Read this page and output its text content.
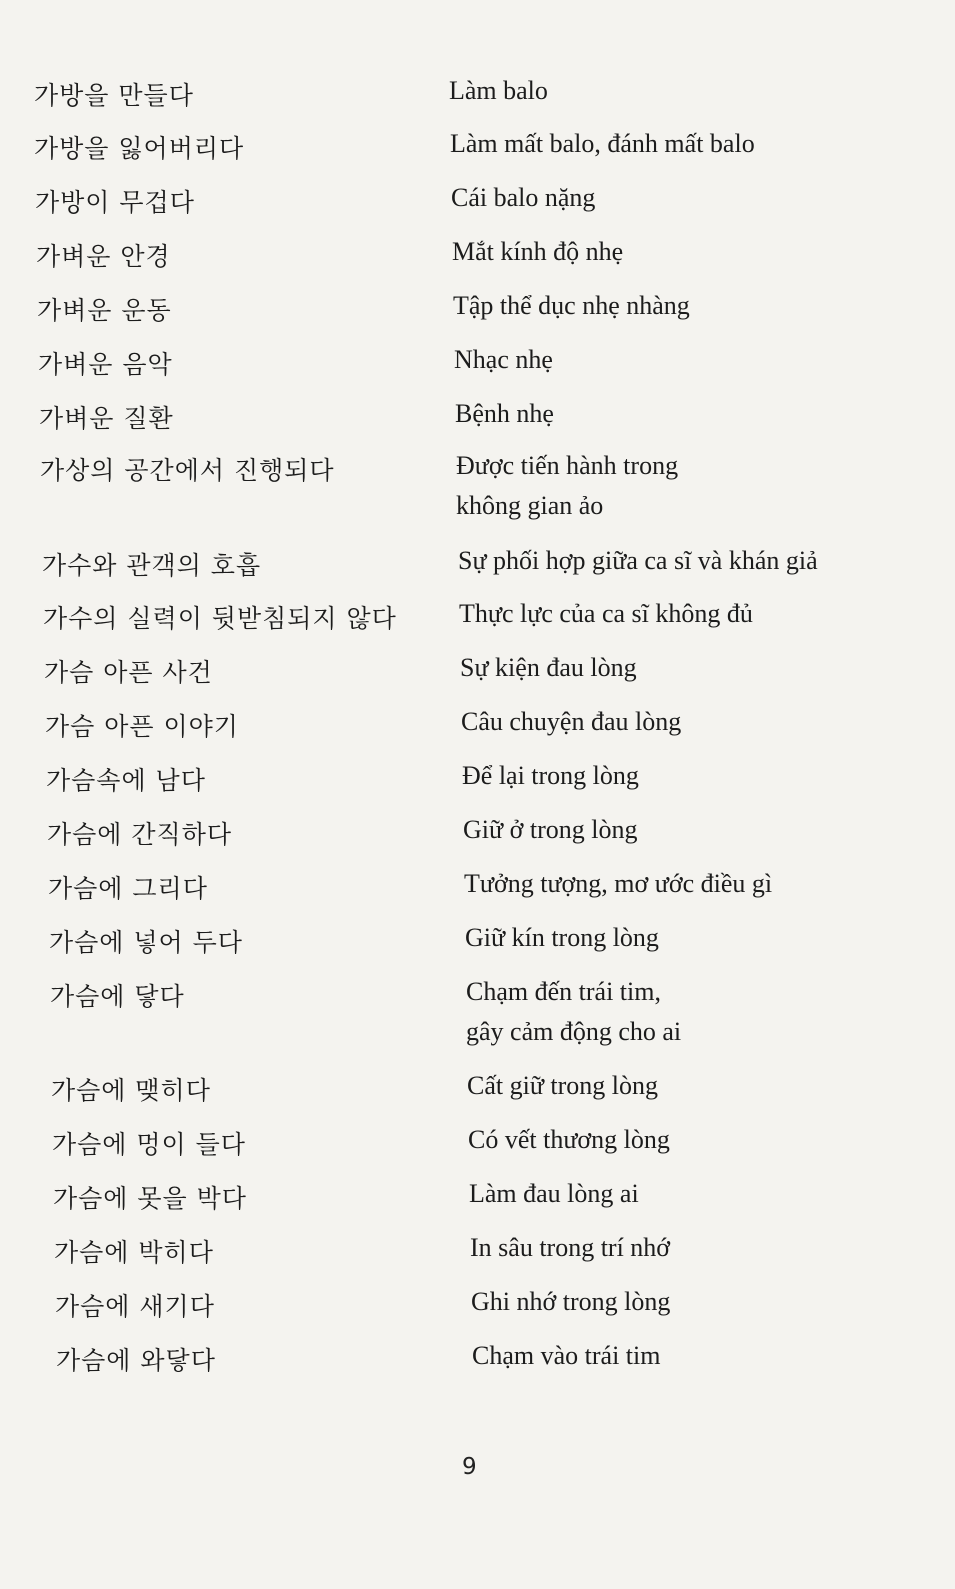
가방을 만들다	Làm balo
가방을 잃어버리다	Làm mất balo, đánh mất balo
가방이 무겁다	Cái balo nặng
가벼운 안경	Mắt kính độ nhẹ
가벼운 운동	Tập thể dục nhẹ nhàng
가벼운 음악	Nhạc nhẹ
가벼운 질환	Bệnh nhẹ
가상의 공간에서 진행되다	Được tiến hành trong
không gian ảo
가수와 관객의 호흡	Sự phối hợp giữa ca sĩ và khán giả
가수의 실력이 뒷받침되지 않다 Thực lực của ca sĩ không đủ
가슴 아픈 사건	Sự kiện đau lòng
가슴 아픈 이야기	Câu chuyện đau lòng
가슴속에 남다	Để lại trong lòng
가슴에 간직하다	Giữ ở trong lòng
가슴에 그리다	Tưởng tượng, mơ ước điều gì
가슴에 넣어 두다	Giữ kín trong lòng
가슴에 닿다	Chạm đến trái tim,
gây cảm động cho ai
가슴에 맺히다	Cất giữ trong lòng
가슴에 멍이 들다	Có vết thương lòng
가슴에 못을 박다	Làm đau lòng ai
가슴에 박히다	In sâu trong trí nhớ
가슴에 새기다	Ghi nhớ trong lòng
가슴에 와닿다	Chạm vào trái tim
9
